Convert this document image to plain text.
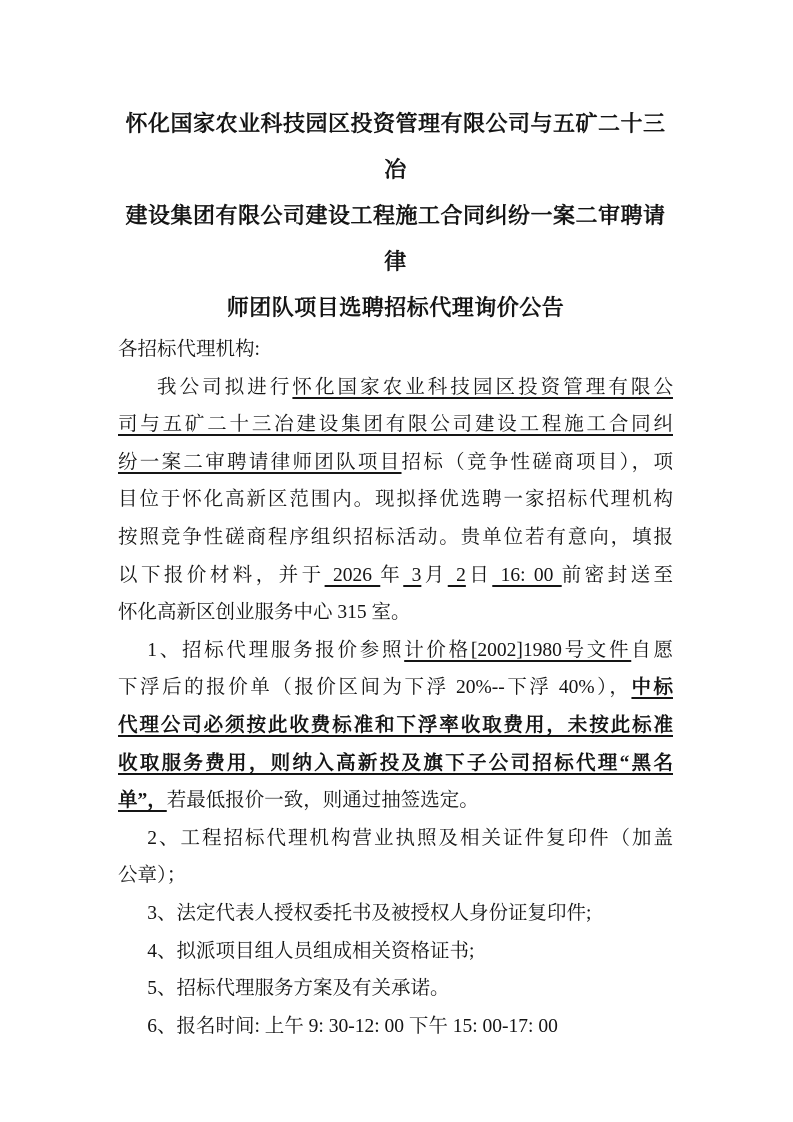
怀化国家农业科技园区投资管理有限公司与五矿二十三冶
建设集团有限公司建设工程施工合同纠纷一案二审聘请律
师团队项目选聘招标代理询价公告
各招标代理机构:
我公司拟进行怀化国家农业科技园区投资管理有限公
司与五矿二十三冶建设集团有限公司建设工程施工合同纠
纷一案二审聘请律师团队项目招标（竞争性磋商项目），项
目位于怀化高新区范围内。现拟择优选聘一家招标代理机构
按照竞争性磋商程序组织招标活动。贵单位若有意向，填报
以下报价材料，并于 2026 年 3月 2日 16: 00 前密封送至
怀化高新区创业服务中心 315 室。
1、招标代理服务报价参照计价格[2002]1980号文件自愿
下浮后的报价单（报价区间为下浮 20%--下浮 40%），中标
代理公司必须按此收费标准和下浮率收取费用，未按此标准
收取服务费用，则纳入高新投及旗下子公司招标代理“黑名
单”，若最低报价一致，则通过抽签选定。
2、工程招标代理机构营业执照及相关证件复印件（加盖
公章）；
3、法定代表人授权委托书及被授权人身份证复印件;
4、拟派项目组人员组成相关资格证书;
5、招标代理服务方案及有关承诺。
6、报名时间: 上午 9: 30-12: 00 下午 15: 00-17: 00
